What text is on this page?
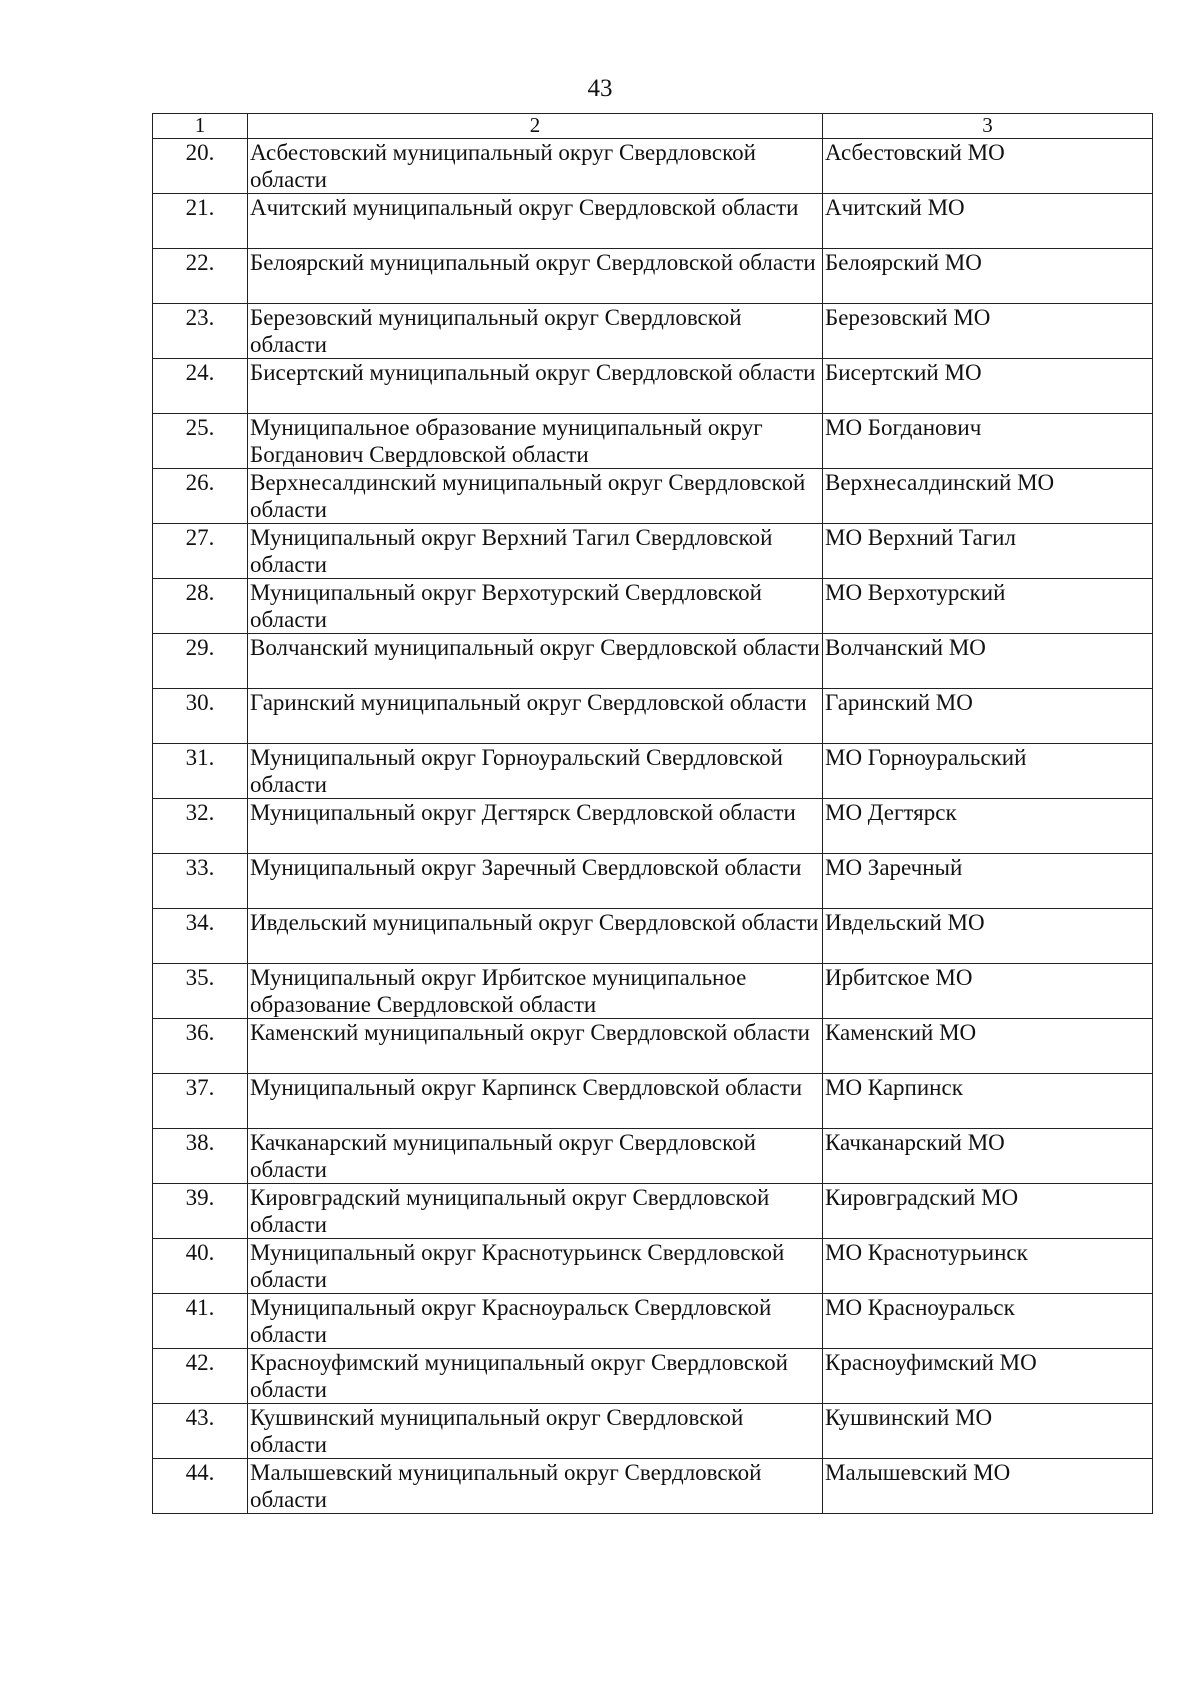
43
1	2	3
20.	Асбестовский муниципальный округ Свердловской области	Асбестовский МО
21.	Ачитский муниципальный округ Свердловской области	Ачитский МО
22.	Белоярский муниципальный округ Свердловской области	Белоярский МО
23.	Березовский муниципальный округ Свердловской области	Березовский МО
24.	Бисертский муниципальный округ Свердловской области	Бисертский МО
25.	Муниципальное образование муниципальный округ Богданович Свердловской области	МО Богданович
26.	Верхнесалдинский муниципальный округ Свердловской области	Верхнесалдинский МО
27.	Муниципальный округ Верхний Тагил Свердловской области	МО Верхний Тагил
28.	Муниципальный округ Верхотурский Свердловской области	МО Верхотурский
29.	Волчанский муниципальный округ Свердловской области	Волчанский МО
30.	Гаринский муниципальный округ Свердловской области	Гаринский МО
31.	Муниципальный округ Горноуральский Свердловской области	МО Горноуральский
32.	Муниципальный округ Дегтярск Свердловской области	МО Дегтярск
33.	Муниципальный округ Заречный Свердловской области	МО Заречный
34.	Ивдельский муниципальный округ Свердловской области	Ивдельский МО
35.	Муниципальный округ Ирбитское муниципальное образование Свердловской области	Ирбитское МО
36.	Каменский муниципальный округ Свердловской области	Каменский МО
37.	Муниципальный округ Карпинск Свердловской области	МО Карпинск
38.	Качканарский муниципальный округ Свердловской области	Качканарский МО
39.	Кировградский муниципальный округ Свердловской области	Кировградский МО
40.	Муниципальный округ Краснотурьинск Свердловской области	МО Краснотурьинск
41.	Муниципальный округ Красноуральск Свердловской области	МО Красноуральск
42.	Красноуфимский муниципальный округ Свердловской области	Красноуфимский МО
43.	Кушвинский муниципальный округ Свердловской области	Кушвинский МО
44.	Малышевский муниципальный округ Свердловской области	Малышевский МО
